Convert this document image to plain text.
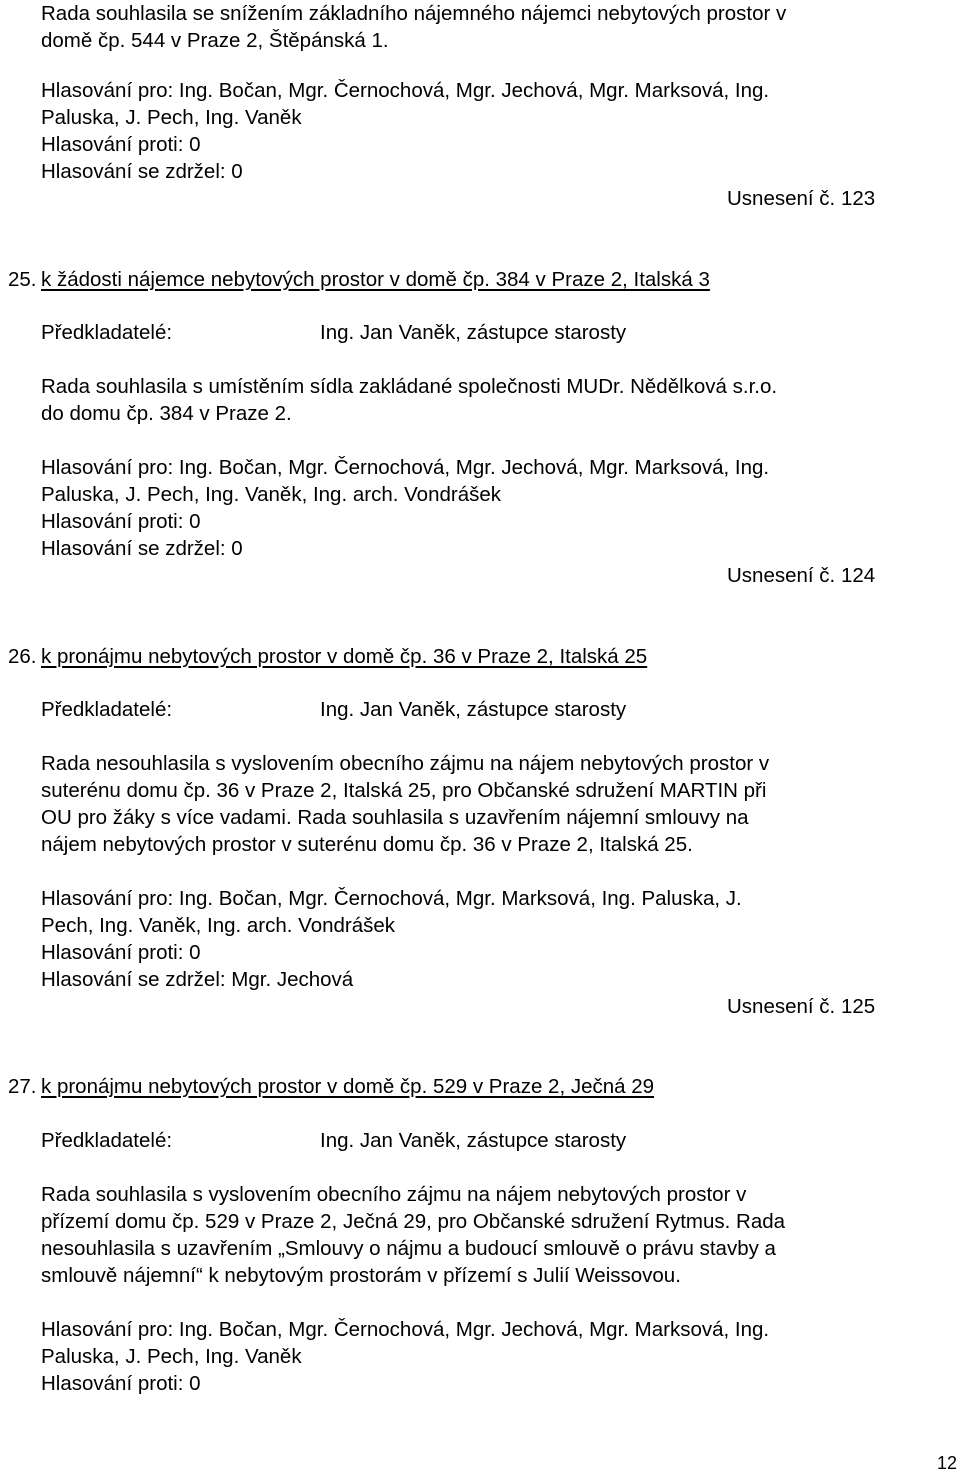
Rada souhlasila se snížením základního nájemného nájemci nebytových prostor v
domě čp. 544 v Praze 2, Štěpánská 1.
Hlasování pro: Ing. Bočan, Mgr. Černochová, Mgr. Jechová, Mgr. Marksová, Ing.
Paluska, J. Pech, Ing. Vaněk
Hlasování proti: 0
Hlasování se zdržel: 0
Usnesení č. 123
25. k žádosti nájemce nebytových prostor v domě čp. 384 v Praze 2, Italská 3
Předkladatelé:	Ing. Jan Vaněk, zástupce starosty
Rada souhlasila s umístěním sídla zakládané společnosti MUDr. Nědělková s.r.o.
do domu čp. 384 v Praze 2.
Hlasování pro: Ing. Bočan, Mgr. Černochová, Mgr. Jechová, Mgr. Marksová, Ing.
Paluska, J. Pech, Ing. Vaněk, Ing. arch. Vondrášek
Hlasování proti: 0
Hlasování se zdržel: 0
Usnesení č. 124
26. k pronájmu nebytových prostor v domě čp. 36 v Praze 2, Italská 25
Předkladatelé:	Ing. Jan Vaněk, zástupce starosty
Rada nesouhlasila s vyslovením obecního zájmu na nájem nebytových prostor v
suterénu domu čp. 36 v Praze 2, Italská 25, pro Občanské sdružení MARTIN při
OU pro žáky s více vadami. Rada souhlasila s uzavřením nájemní smlouvy na
nájem nebytových prostor v suterénu domu čp. 36 v Praze 2, Italská 25.
Hlasování pro: Ing. Bočan, Mgr. Černochová, Mgr. Marksová, Ing. Paluska, J.
Pech, Ing. Vaněk, Ing. arch. Vondrášek
Hlasování proti: 0
Hlasování se zdržel: Mgr. Jechová
Usnesení č. 125
27. k pronájmu nebytových prostor v domě čp. 529 v Praze 2, Ječná 29
Předkladatelé:	Ing. Jan Vaněk, zástupce starosty
Rada souhlasila s vyslovením obecního zájmu na nájem nebytových prostor v
přízemí domu čp. 529 v Praze 2, Ječná 29, pro Občanské sdružení Rytmus. Rada
nesouhlasila s uzavřením „Smlouvy o nájmu a budoucí smlouvě o právu stavby a
smlouvě nájemní“ k nebytovým prostorám v přízemí s Julií Weissovou.
Hlasování pro: Ing. Bočan, Mgr. Černochová, Mgr. Jechová, Mgr. Marksová, Ing.
Paluska, J. Pech, Ing. Vaněk
Hlasování proti: 0
12
